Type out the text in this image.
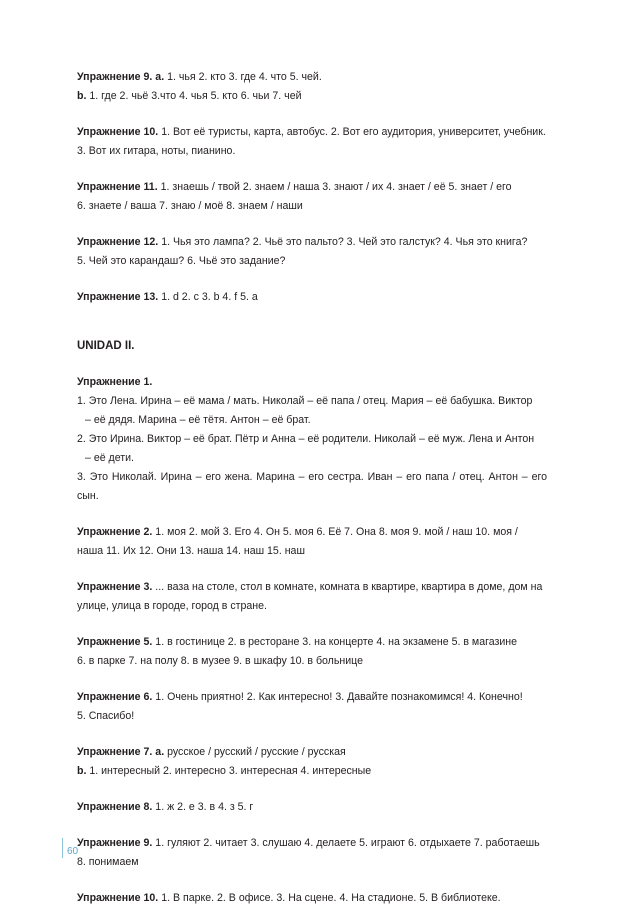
Упражнение 9. a. 1. чья 2. кто 3. где 4. что 5. чей.
b. 1. где 2. чьё 3.что 4. чья 5. кто 6. чьи 7. чей
Упражнение 10. 1. Вот её туристы, карта, автобус. 2. Вот его аудитория, университет, учебник.
3. Вот их гитара, ноты, пианино.
Упражнение 11. 1. знаешь / твой 2. знаем / наша 3. знают / их 4. знает / её 5. знает / его
6. знаете / ваша 7. знаю / моё 8. знаем / наши
Упражнение 12. 1. Чья это лампа? 2. Чьё это пальто? 3. Чей это галстук? 4. Чья это книга?
5. Чей это карандаш? 6. Чьё это задание?
Упражнение 13. 1. d 2. c 3. b 4. f 5. a
UNIDAD II.
Упражнение 1.
1. Это Лена. Ирина – её мама / мать. Николай – её папа / отец. Мария – её бабушка. Виктор
– её дядя. Марина – её тётя. Антон – её брат.
2. Это Ирина. Виктор – её брат. Пётр и Анна – её родители. Николай – её муж. Лена и Антон
– её дети.
3. Это Николай. Ирина – его жена. Марина – его сестра. Иван – его папа / отец. Антон – его сын.
Упражнение 2. 1. моя 2. мой 3. Его 4. Он 5. моя 6. Её 7. Она 8. моя 9. мой / наш 10. моя /
наша 11. Их 12. Они 13. наша 14. наш 15. наш
Упражнение 3. ... ваза на столе, стол в комнате, комната в квартире, квартира в доме, дом на
улице, улица в городе, город в стране.
Упражнение 5. 1. в гостинице 2. в ресторане 3. на концерте 4. на экзамене 5. в магазине
6. в парке 7. на полу 8. в музее 9. в шкафу 10. в больнице
Упражнение 6. 1. Очень приятно! 2. Как интересно! 3. Давайте познакомимся! 4. Конечно!
5. Спасибо!
Упражнение 7. a. русское / русский / русские / русская
b. 1. интересный 2. интересно 3. интересная 4. интересные
Упражнение 8. 1. ж 2. е 3. в 4. з 5. г
Упражнение 9. 1. гуляют 2. читает 3. слушаю 4. делаете 5. играют 6. отдыхаете 7. работаешь
8. понимаем
Упражнение 10. 1. В парке. 2. В офисе. 3. На сцене. 4. На стадионе. 5. В библиотеке.
60
